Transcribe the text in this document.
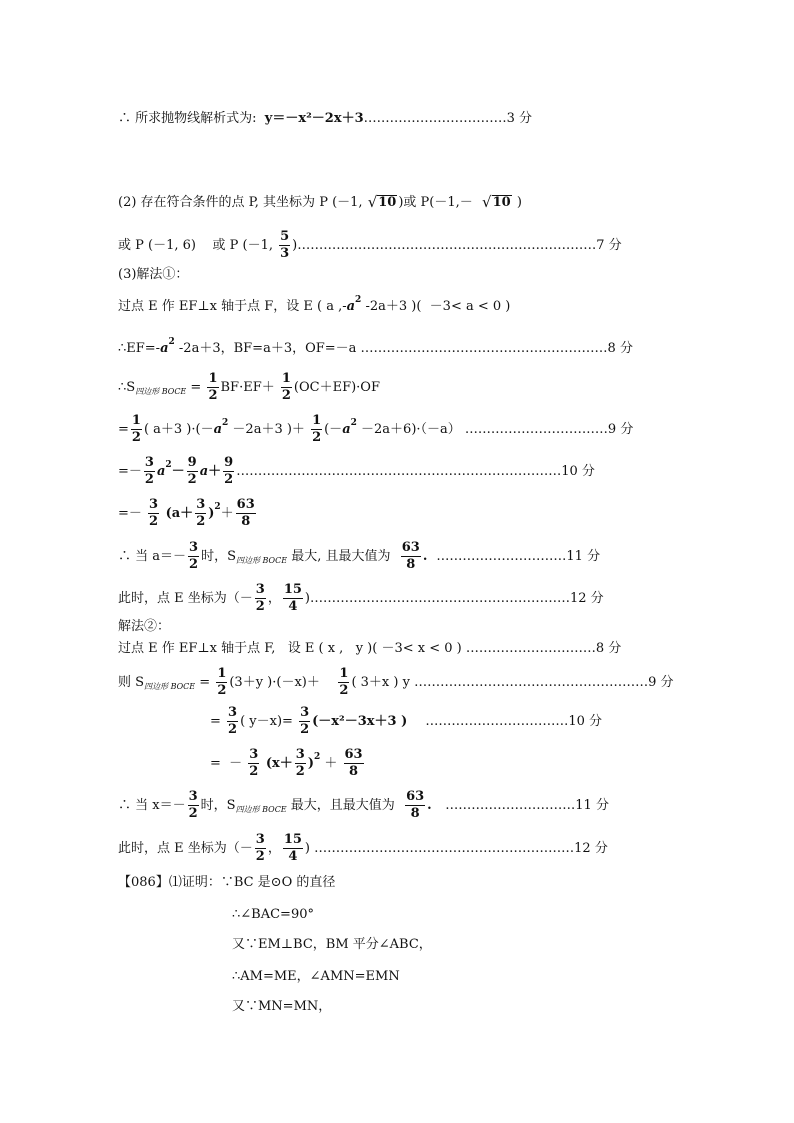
∴ 所求抛物线解析式为: y＝－x²－2x＋3 …………………………… 3 分
(2) 存在符合条件的点 P, 其坐标为 P (－1, √ 10 )或 P(－1,－ √ 10 )
或 P (－1, 6)    或 P (－1, $\frac{5}{3}$ ) …………………………………………………………… 7 分
(3)解法①：
过点 E 作 EF⊥x 轴于点 F，设 E ( a ,- a 2 -2a＋3 )(  －3< a < 0 )
∴EF=- a 2 -2a＋3，BF=a＋3，OF=－a ………………………………………………… 8 分
∴S 四边形 BOCE = $\frac{1}{2} BF\cdot EF+ \frac{1}{2} (OC+EF)\cdot OF$
= $\frac{1}{2}$ ( a＋3 )·(－ a 2 －2a＋3 )＋ $\frac{1}{2}$ (－ a 2 －2a＋6)·（－a） …………………………… 9 分
=－ $\frac{3}{2}$ a $2 - \frac{9}{2}$ $a + \frac{9}{2}$ ………………………………………………………………… 10 分
=－ $\frac{3}{2} (a+ \frac{3}{2}$ ) $2 + \frac{63}{8}$
∴ 当 $a=- \frac{3}{2}$ 时，S 四边形 BOCE 最大, 且最大值为 $\frac{63}{8}$ . ………………………… 11 分
此时，点 E 坐标为（－ $\frac{3}{2}$ ， $\frac{15}{4}$ ) …………………………………………………… 12 分
解法②：
过点 E 作 EF⊥x 轴于点 F,   设 E ( x ,   y )( －3< x < 0 ) ………………………… 8 分
则 S 四边形 BOCE = $\frac{1}{2} (3+y$ )$\cdot(-x)+ \frac{1}{2}$ ( 3＋x ) y ……………………………………………… 9 分
= $\frac{3}{2}$ ( $y-x)= \frac{3}{2} (-x^2-3x+3$ ) …………………………… 10 分
=  － $\frac{3}{2} (x+ \frac{3}{2}$ ) $2 + \frac{63}{8}$
∴ 当 $x=- \frac{3}{2}$ 时，S 四边形 BOCE 最大，且最大值为 $\frac{63}{8}$ . ………………………… 11 分
此时，点 E 坐标为（－ $\frac{3}{2}$ ， $\frac{15}{4}$ ) …………………………………………………… 12 分
【086】⑴证明：∵BC 是⊙O 的直径
∴∠BAC=90°
又∵EM⊥BC，BM 平分∠ABC，
∴AM=ME，∠AMN=EMN
又∵MN=MN，
